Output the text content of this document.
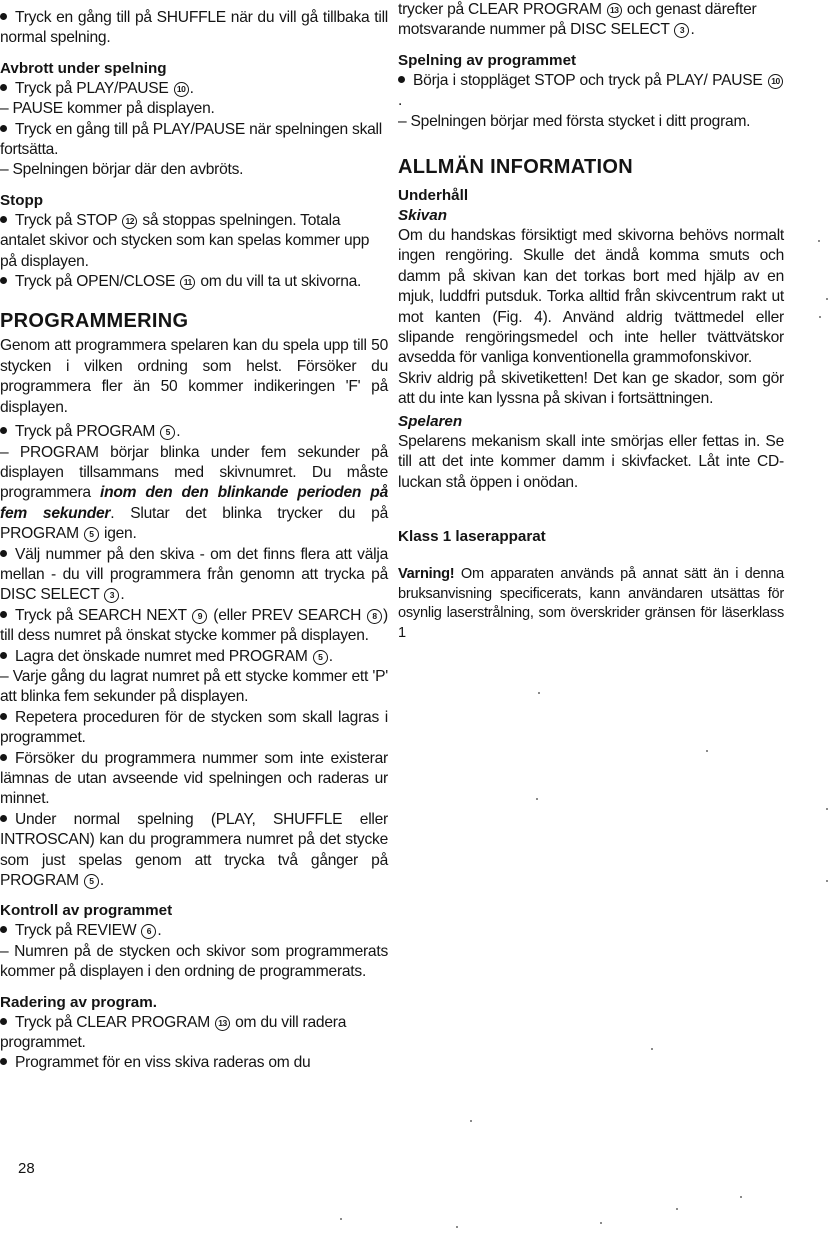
Tryck en gång till på SHUFFLE när du vill gå tillbaka till normal spelning.

Avbrott under spelning

Tryck på PLAY/PAUSE 10 .

– PAUSE kommer på displayen.

Tryck en gång till på PLAY/PAUSE när spelningen skall fortsätta.

– Spelningen börjar där den avbröts.

Stopp

Tryck på STOP 12 så stoppas spelningen. Totala antalet skivor och stycken som kan spelas kommer upp på displayen.

Tryck på OPEN/CLOSE 11 om du vill ta ut skivorna.

PROGRAMMERING

Genom att programmera spelaren kan du spela upp till 50 stycken i vilken ordning som helst. Försöker du programmera fler än 50 kommer indikeringen 'F' på displayen.

Tryck på PROGRAM 5 .

– PROGRAM börjar blinka under fem sekunder på displayen tillsammans med skivnumret. Du måste programmera inom den den blinkande perioden på fem sekunder. Slutar det blinka trycker du på PROGRAM 5 igen.

Välj nummer på den skiva - om det finns flera att välja mellan - du vill programmera från genomn att trycka på DISC SELECT 3 .

Tryck på SEARCH NEXT 9 (eller PREV SEARCH 8 ) till dess numret på önskat stycke kommer på displayen.

Lagra det önskade numret med PROGRAM 5 .

– Varje gång du lagrat numret på ett stycke kommer ett 'P' att blinka fem sekunder på displayen.

Repetera proceduren för de stycken som skall lagras i programmet.

Försöker du programmera nummer som inte existerar lämnas de utan avseende vid spelningen och raderas ur minnet.

Under normal spelning (PLAY, SHUFFLE eller INTROSCAN) kan du programmera numret på det stycke som just spelas genom att trycka två gånger på PROGRAM 5 .

Kontroll av programmet

Tryck på REVIEW 6 .

– Numren på de stycken och skivor som programmerats kommer på displayen i den ordning de programmerats.

Radering av program.

Tryck på CLEAR PROGRAM 13 om du vill radera programmet.

Programmet för en viss skiva raderas om du

trycker på CLEAR PROGRAM 13 och genast därefter motsvarande nummer på DISC SELECT 3 .

Spelning av programmet

Börja i stoppläget STOP och tryck på PLAY/ PAUSE 10.

– Spelningen börjar med första stycket i ditt program.

ALLMÄN INFORMATION
Underhåll
Skivan

Om du handskas försiktigt med skivorna behövs normalt ingen rengöring. Skulle det ändå komma smuts och damm på skivan kan det torkas bort med hjälp av en mjuk, luddfri putsduk. Torka alltid från skivcentrum rakt ut mot kanten (Fig. 4). Använd aldrig tvättmedel eller slipande rengöringsmedel och inte heller tvättvätskor avsedda för vanliga konventionella grammofonskivor.

Skriv aldrig på skivetiketten! Det kan ge skador, som gör att du inte kan lyssna på skivan i fortsättningen.

Spelaren

Spelarens mekanism skall inte smörjas eller fettas in. Se till att det inte kommer damm i skivfacket. Låt inte CD-luckan stå öppen i onödan.

Klass 1 laserapparat

Varning! Om apparaten används på annat sätt än i denna bruksanvisning specificerats, kann användaren utsättas för osynlig laserstrålning, som överskrider gränsen för läserklass 1

28
